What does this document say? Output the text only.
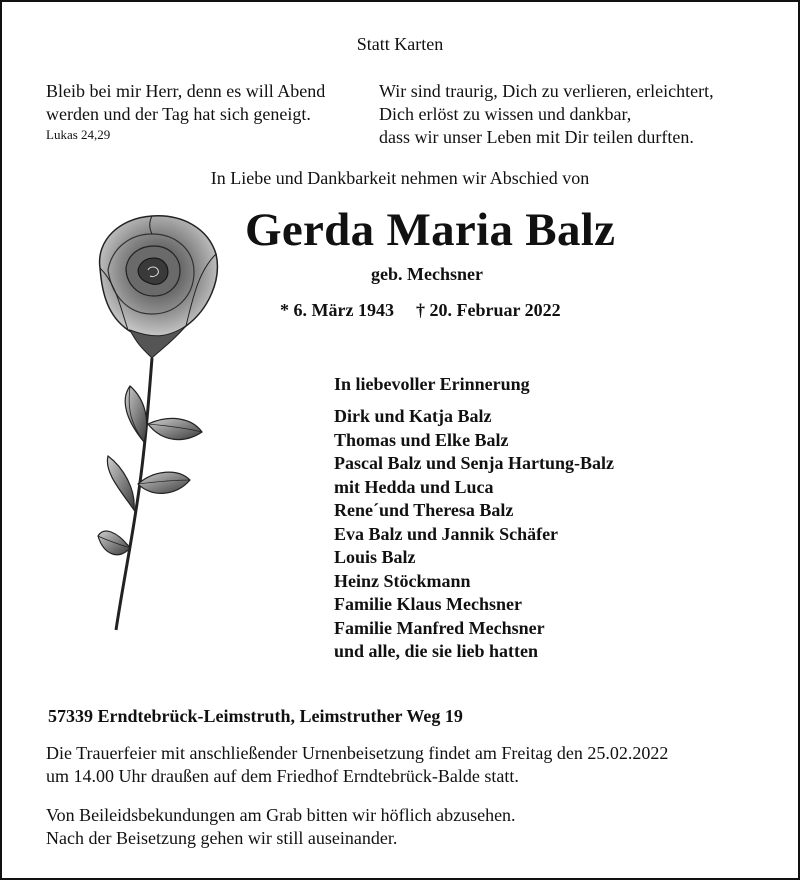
Statt Karten
Bleib bei mir Herr, denn es will Abend
werden und der Tag hat sich geneigt.
Lukas 24,29
Wir sind traurig, Dich zu verlieren, erleichtert,
Dich erlöst zu wissen und dankbar,
dass wir unser Leben mit Dir teilen durften.
In Liebe und Dankbarkeit nehmen wir Abschied von
Gerda Maria Balz
geb. Mechsner
* 6. März 1943 † 20. Februar 2022
In liebevoller Erinnerung
Dirk und Katja Balz
Thomas und Elke Balz
Pascal Balz und Senja Hartung-Balz
mit Hedda und Luca
Rene´und Theresa Balz
Eva Balz und Jannik Schäfer
Louis Balz
Heinz Stöckmann
Familie Klaus Mechsner
Familie Manfred Mechsner
und alle, die sie lieb hatten
57339 Erndtebrück-Leimstruth, Leimstruther Weg 19
Die Trauerfeier mit anschließender Urnenbeisetzung findet am Freitag den 25.02.2022
um 14.00 Uhr draußen auf dem Friedhof Erndtebrück-Balde statt.
Von Beileidsbekundungen am Grab bitten wir höflich abzusehen.
Nach der Beisetzung gehen wir still auseinander.
